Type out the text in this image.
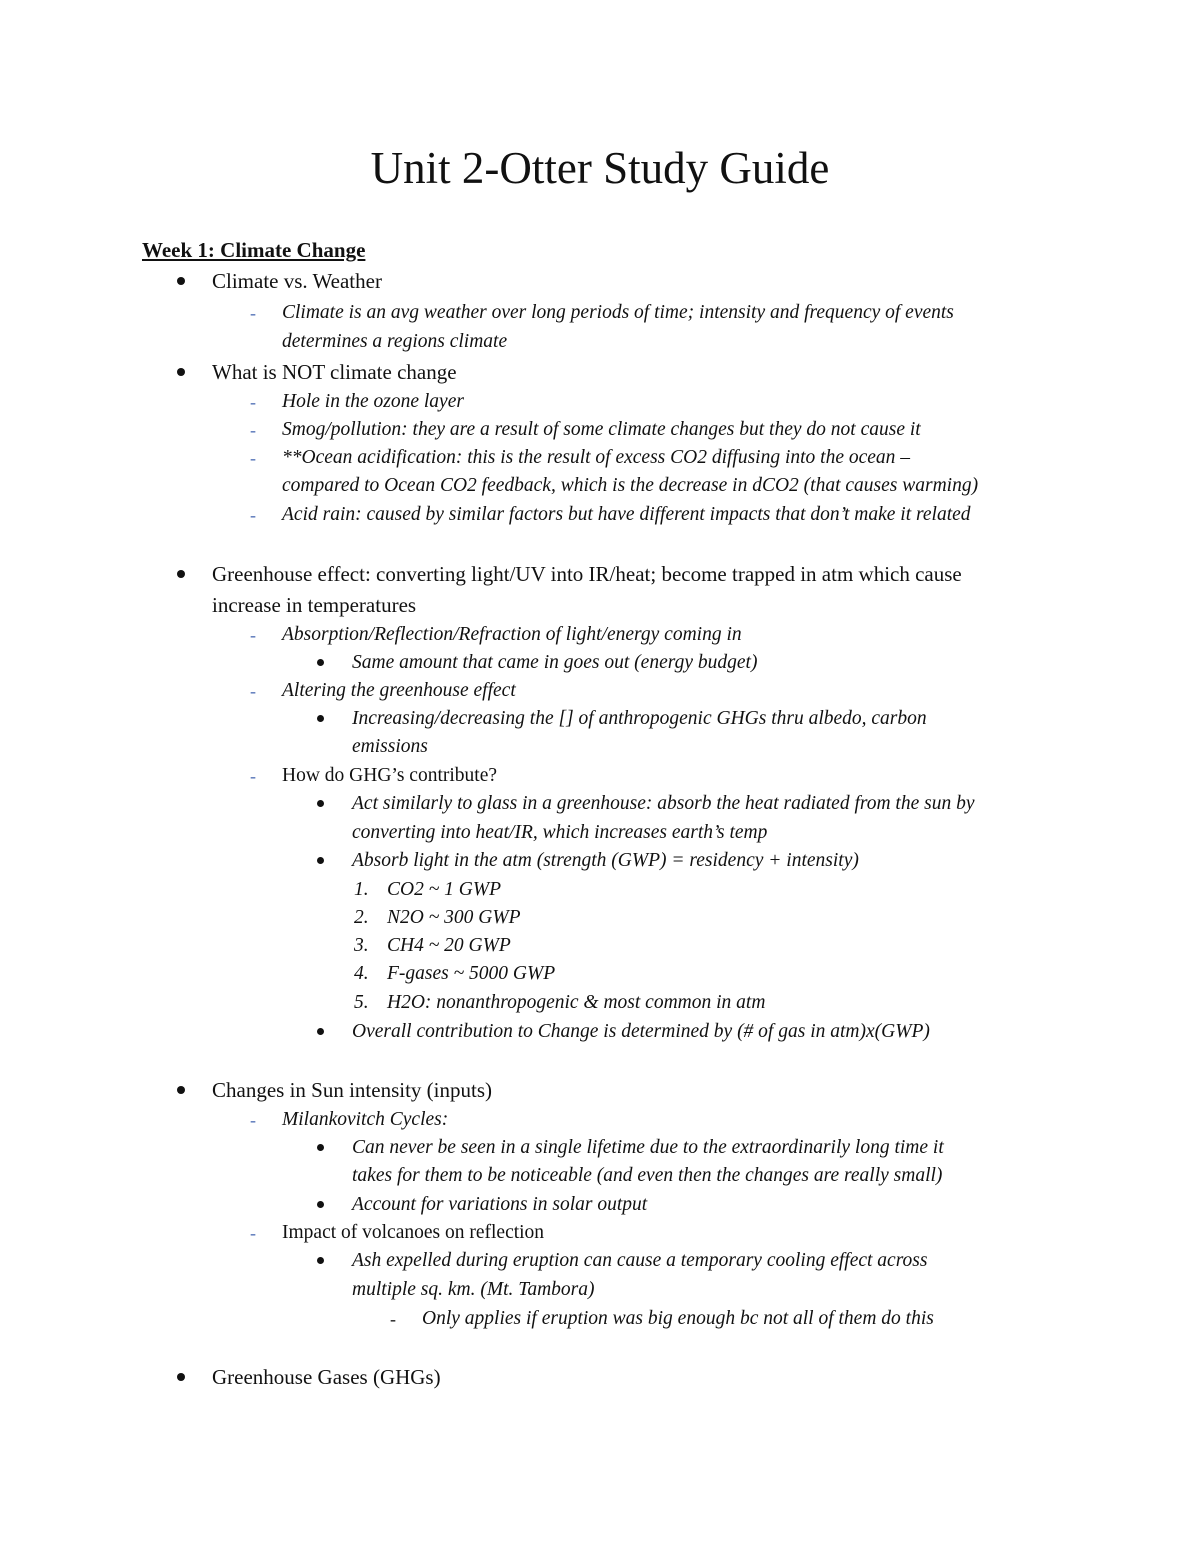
Unit 2-Otter Study Guide
Week 1: Climate Change
Climate vs. Weather
- Climate is an avg weather over long periods of time; intensity and frequency of events
determines a regions climate
What is NOT climate change
- Hole in the ozone layer
- Smog/pollution: they are a result of some climate changes but they do not cause it
- **Ocean acidification: this is the result of excess CO2 diffusing into the ocean –
compared to Ocean CO2 feedback, which is the decrease in dCO2 (that causes warming)
- Acid rain: caused by similar factors but have different impacts that don’t make it related
Greenhouse effect: converting light/UV into IR/heat; become trapped in atm which cause
increase in temperatures
- Absorption/Reflection/Refraction of light/energy coming in
Same amount that came in goes out (energy budget)
- Altering the greenhouse effect
Increasing/decreasing the [] of anthropogenic GHGs thru albedo, carbon
emissions
- How do GHG’s contribute?
Act similarly to glass in a greenhouse: absorb the heat radiated from the sun by
converting into heat/IR, which increases earth’s temp
Absorb light in the atm (strength (GWP) = residency + intensity)
1. CO2 ~ 1 GWP
2. N2O ~ 300 GWP
3. CH4 ~ 20 GWP
4. F-gases ~ 5000 GWP
5. H2O: nonanthropogenic & most common in atm
Overall contribution to Change is determined by (# of gas in atm)x(GWP)
Changes in Sun intensity (inputs)
- Milankovitch Cycles:
Can never be seen in a single lifetime due to the extraordinarily long time it
takes for them to be noticeable (and even then the changes are really small)
Account for variations in solar output
- Impact of volcanoes on reflection
Ash expelled during eruption can cause a temporary cooling effect across
multiple sq. km. (Mt. Tambora)
- Only applies if eruption was big enough bc not all of them do this
Greenhouse Gases (GHGs)
